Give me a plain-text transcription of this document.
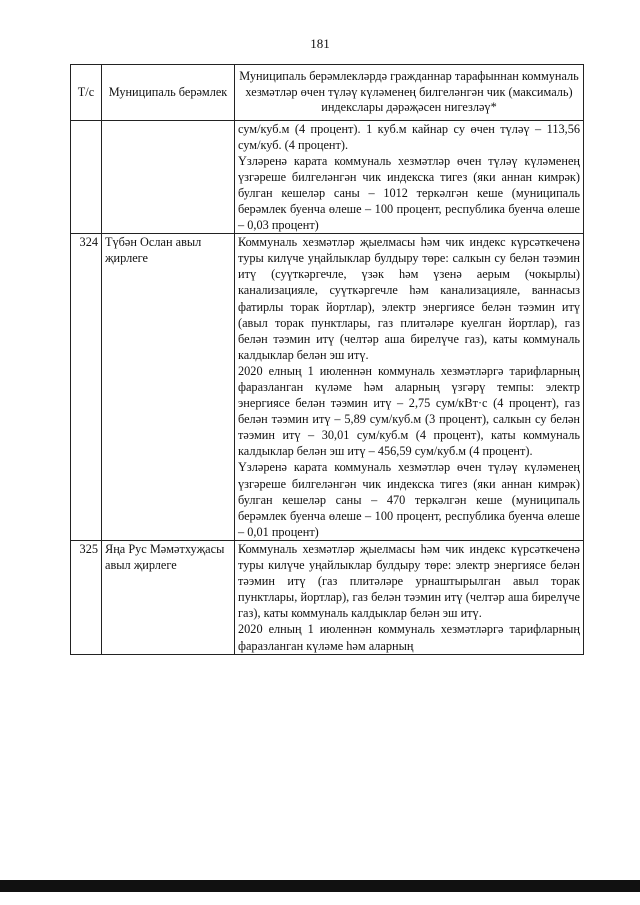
181
Т/с	Муниципаль берәмлек	Муниципаль берәмлекләрдә гражданнар тарафыннан коммуналь хезмәтләр өчен түләү күләменең билгеләнгән чик (максималь) индекслары дәрәҗәсен нигезләү*

		сум/куб.м (4 процент). 1 куб.м кайнар су өчен түләү – 113,56 сум/куб. (4 процент).

Үзләренә карата коммуналь хезмәтләр өчен түләү күләменең үзгәреше билгеләнгән чик индекска тигез (яки аннан кимрәк) булган кешеләр саны – 1012 теркәлгән кеше (муниципаль берәмлек буенча өлеше – 100 процент, республика буенча өлеше – 0,03 процент)

324	Түбән Ослан авыл җирлеге	Коммуналь хезмәтләр җыелмасы һәм чик индекс күрсәткеченә туры килүче уңайлыклар булдыру төре: салкын су белән тәэмин итү (суүткәргечле, үзәк һәм үзенә аерым (чокырлы) канализацияле, суүткәргечле һәм канализацияле, ваннасыз фатирлы торак йортлар), электр энергиясе белән тәэмин итү (авыл торак пунктлары, газ плитәләре куелган йортлар), газ белән тәэмин итү (челтәр аша бирелүче газ), каты коммуналь калдыклар белән эш итү.

2020 елның 1 июленнән коммуналь хезмәтләргә тарифларның фаразланган күләме һәм аларның үзгәрү темпы: электр энергиясе белән тәэмин итү – 2,75 сум/кВт·с (4 процент), газ белән тәэмин итү – 5,89 сум/куб.м (3 процент), салкын су белән тәэмин итү – 30,01 сум/куб.м (4 процент), каты коммуналь калдыклар белән эш итү – 456,59 сум/куб.м (4 процент).

Үзләренә карата коммуналь хезмәтләр өчен түләү күләменең үзгәреше билгеләнгән чик индекска тигез (яки аннан кимрәк) булган кешеләр саны – 470 теркәлгән кеше (муниципаль берәмлек буенча өлеше – 100 процент, республика буенча өлеше – 0,01 процент)

325	Яңа Рус Мәмәтхуҗасы авыл җирлеге	Коммуналь хезмәтләр җыелмасы һәм чик индекс күрсәткеченә туры килүче уңайлыклар булдыру төре: электр энергиясе белән тәэмин итү (газ плитәләре урнаштырылган авыл торак пунктлары, йортлар), газ белән тәэмин итү (челтәр аша бирелүче газ), каты коммуналь калдыклар белән эш итү.

2020 елның 1 июленнән коммуналь хезмәтләргә тарифларның фаразланган күләме һәм аларның
